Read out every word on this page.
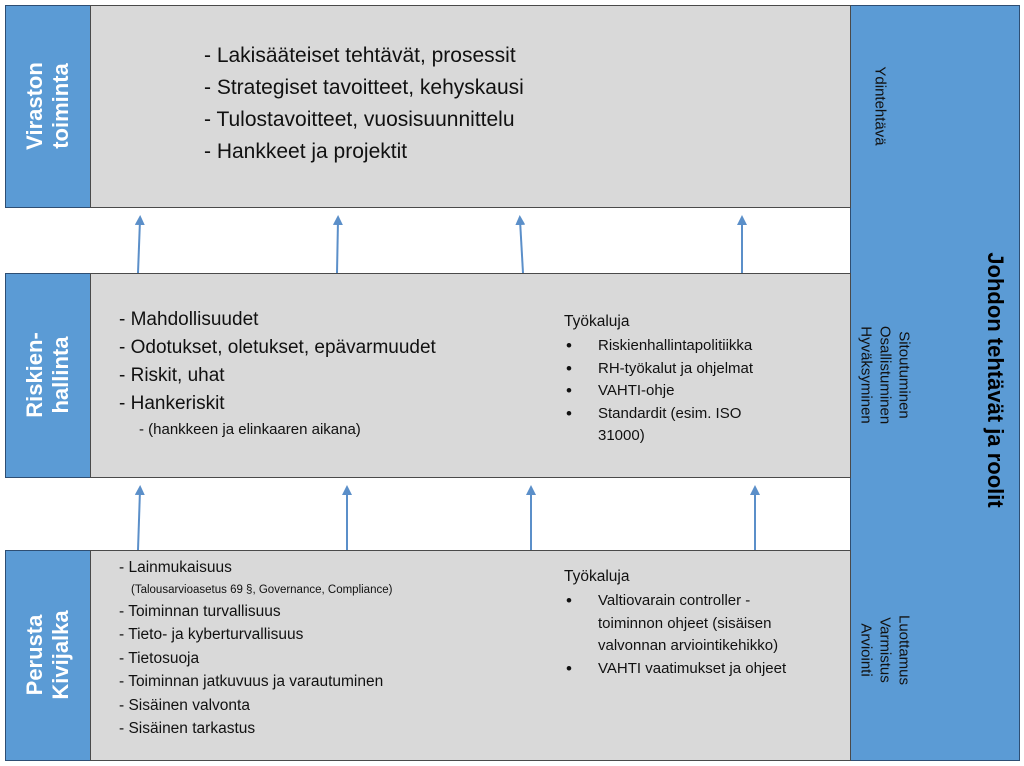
Johdon tehtävät ja roolit
Viraston toiminta
- Lakisääteiset tehtävät, prosessit
- Strategiset tavoitteet, kehyskausi
- Tulostavoitteet, vuosisuunnittelu
- Hankkeet ja projektit
Ydintehtävä
Riskien- hallinta
- Mahdollisuudet
- Odotukset, oletukset, epävarmuudet
- Riskit, uhat
- Hankeriskit
- (hankkeen ja elinkaaren aikana)
Työkaluja
• Riskienhallintapolitiikka
• RH-työkalut ja ohjelmat
• VAHTI-ohje
• Standardit (esim. ISO
31000)
Sitoutuminen
Osallistuminen
Hyväksyminen
Perusta Kivijalka
- Lainmukaisuus
(Talousarvioasetus 69 §, Governance, Compliance)
- Toiminnan turvallisuus
- Tieto- ja kyberturvallisuus
- Tietosuoja
- Toiminnan jatkuvuus ja varautuminen
- Sisäinen valvonta
- Sisäinen tarkastus
Työkaluja
• Valtiovarain controller -
toiminnon ohjeet (sisäisen
valvonnan arviointikehikko)
• VAHTI vaatimukset ja ohjeet	Luottamus
Varmistus
Arviointi
